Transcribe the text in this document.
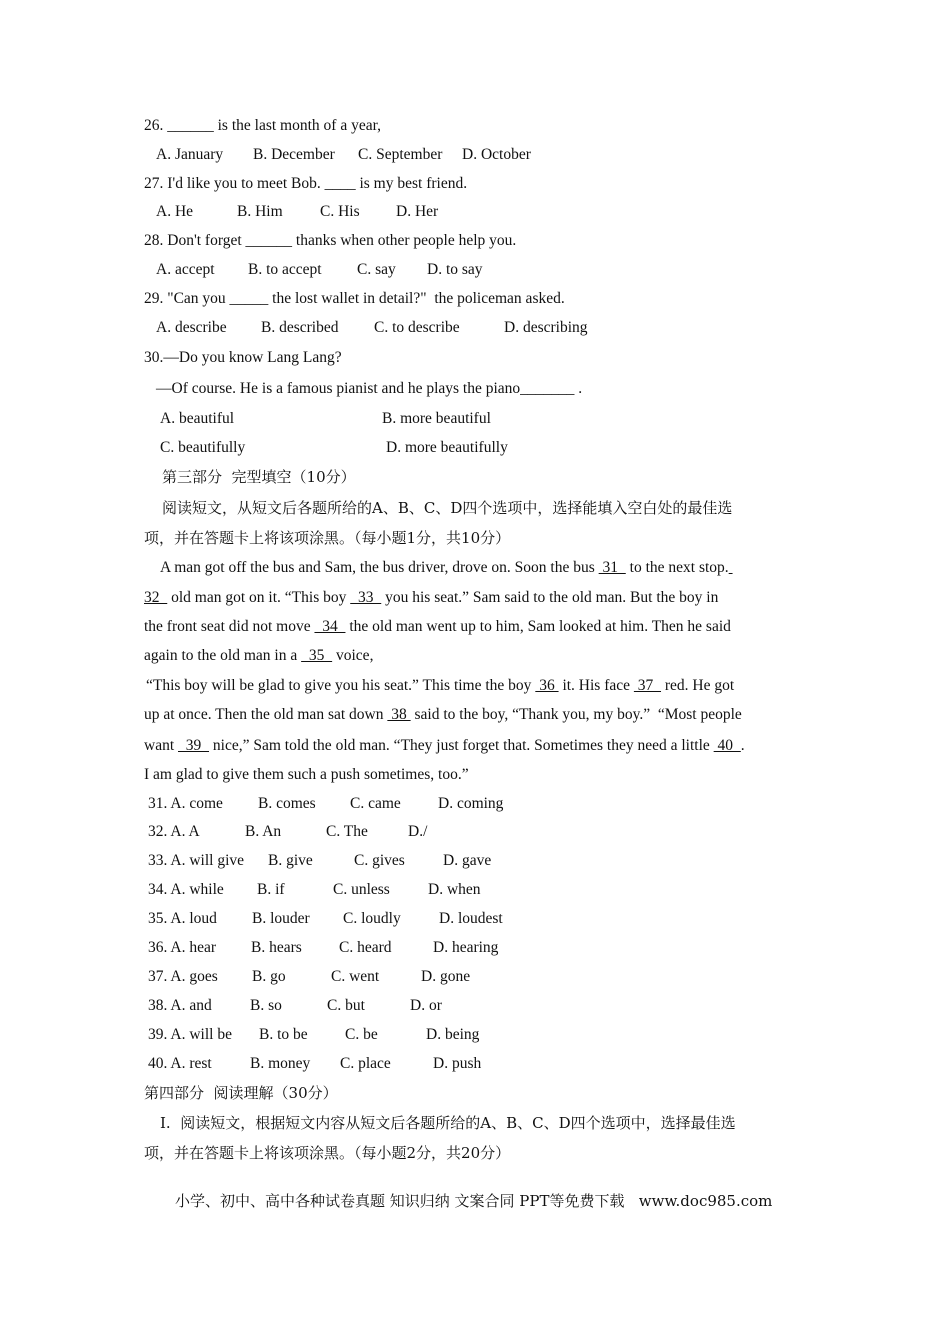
26. ______ is the last month of a year,
A. January B. December C. September D. October
27. I'd like you to meet Bob. ____ is my best friend.
A. He	B. Him C. His D. Her
28. Don't forget ______ thanks when other people help you.
A. accept B. to accept C. say D. to say
29. "Can you _____ the lost wallet in detail?"  the policeman asked.
A. describe B. described C. to describe	D. describing
30.—Do you know Lang Lang?
—Of course. He is a famous pianist and he plays the piano_______ .
A. beautiful	B. more beautiful
C. beautifully	D. more beautifully
第三部分  完型填空（10分）
阅读短文，从短文后各题所给的A、B、C、D四个选项中，选择能填入空白处的最佳选
项，并在答题卡上将该项涂黑。（每小题1分，共10分）
A man got off the bus and Sam, the bus driver, drove on. Soon the bus  31   to the next stop.
32   old man got on it. “This boy   33   you his seat.” Sam said to the old man. But the boy in
the front seat did not move   34   the old man went up to him, Sam looked at him. Then he said
again to the old man in a   35   voice,
“This boy will be glad to give you his seat.” This time the boy  36  it. His face  37   red. He got
up at once. Then the old man sat down  38  said to the boy, “Thank you, my boy.”  “Most people
want   39   nice,” Sam told the old man. “They just forget that. Sometimes they need a little  40  .
I am glad to give them such a push sometimes, too.”
31. A. come B. comes C. came D. coming
32. A. A	B. An	C. The	D./
33. A. will give B. give	C. gives D. gave
34. A. while B. if	C. unless D. when
35. A. loud B. louder C. loudly D. loudest
36. A. hear B. hears C. heard	D. hearing
37. A. goes B. go	C. went	D. gone
38. A. and B. so	C. but	D. or
39. A. will be B. to be C. be	D. being
40. A. rest B. money C. place	D. push
第四部分  阅读理解（30分）
I.  阅读短文，根据短文内容从短文后各题所给的A、B、C、D四个选项中，选择最佳选
项，并在答题卡上将该项涂黑。（每小题2分，共20分）
小学、初中、高中各种试卷真题 知识归纳 文案合同 PPT等免费下载   www.doc985.com
